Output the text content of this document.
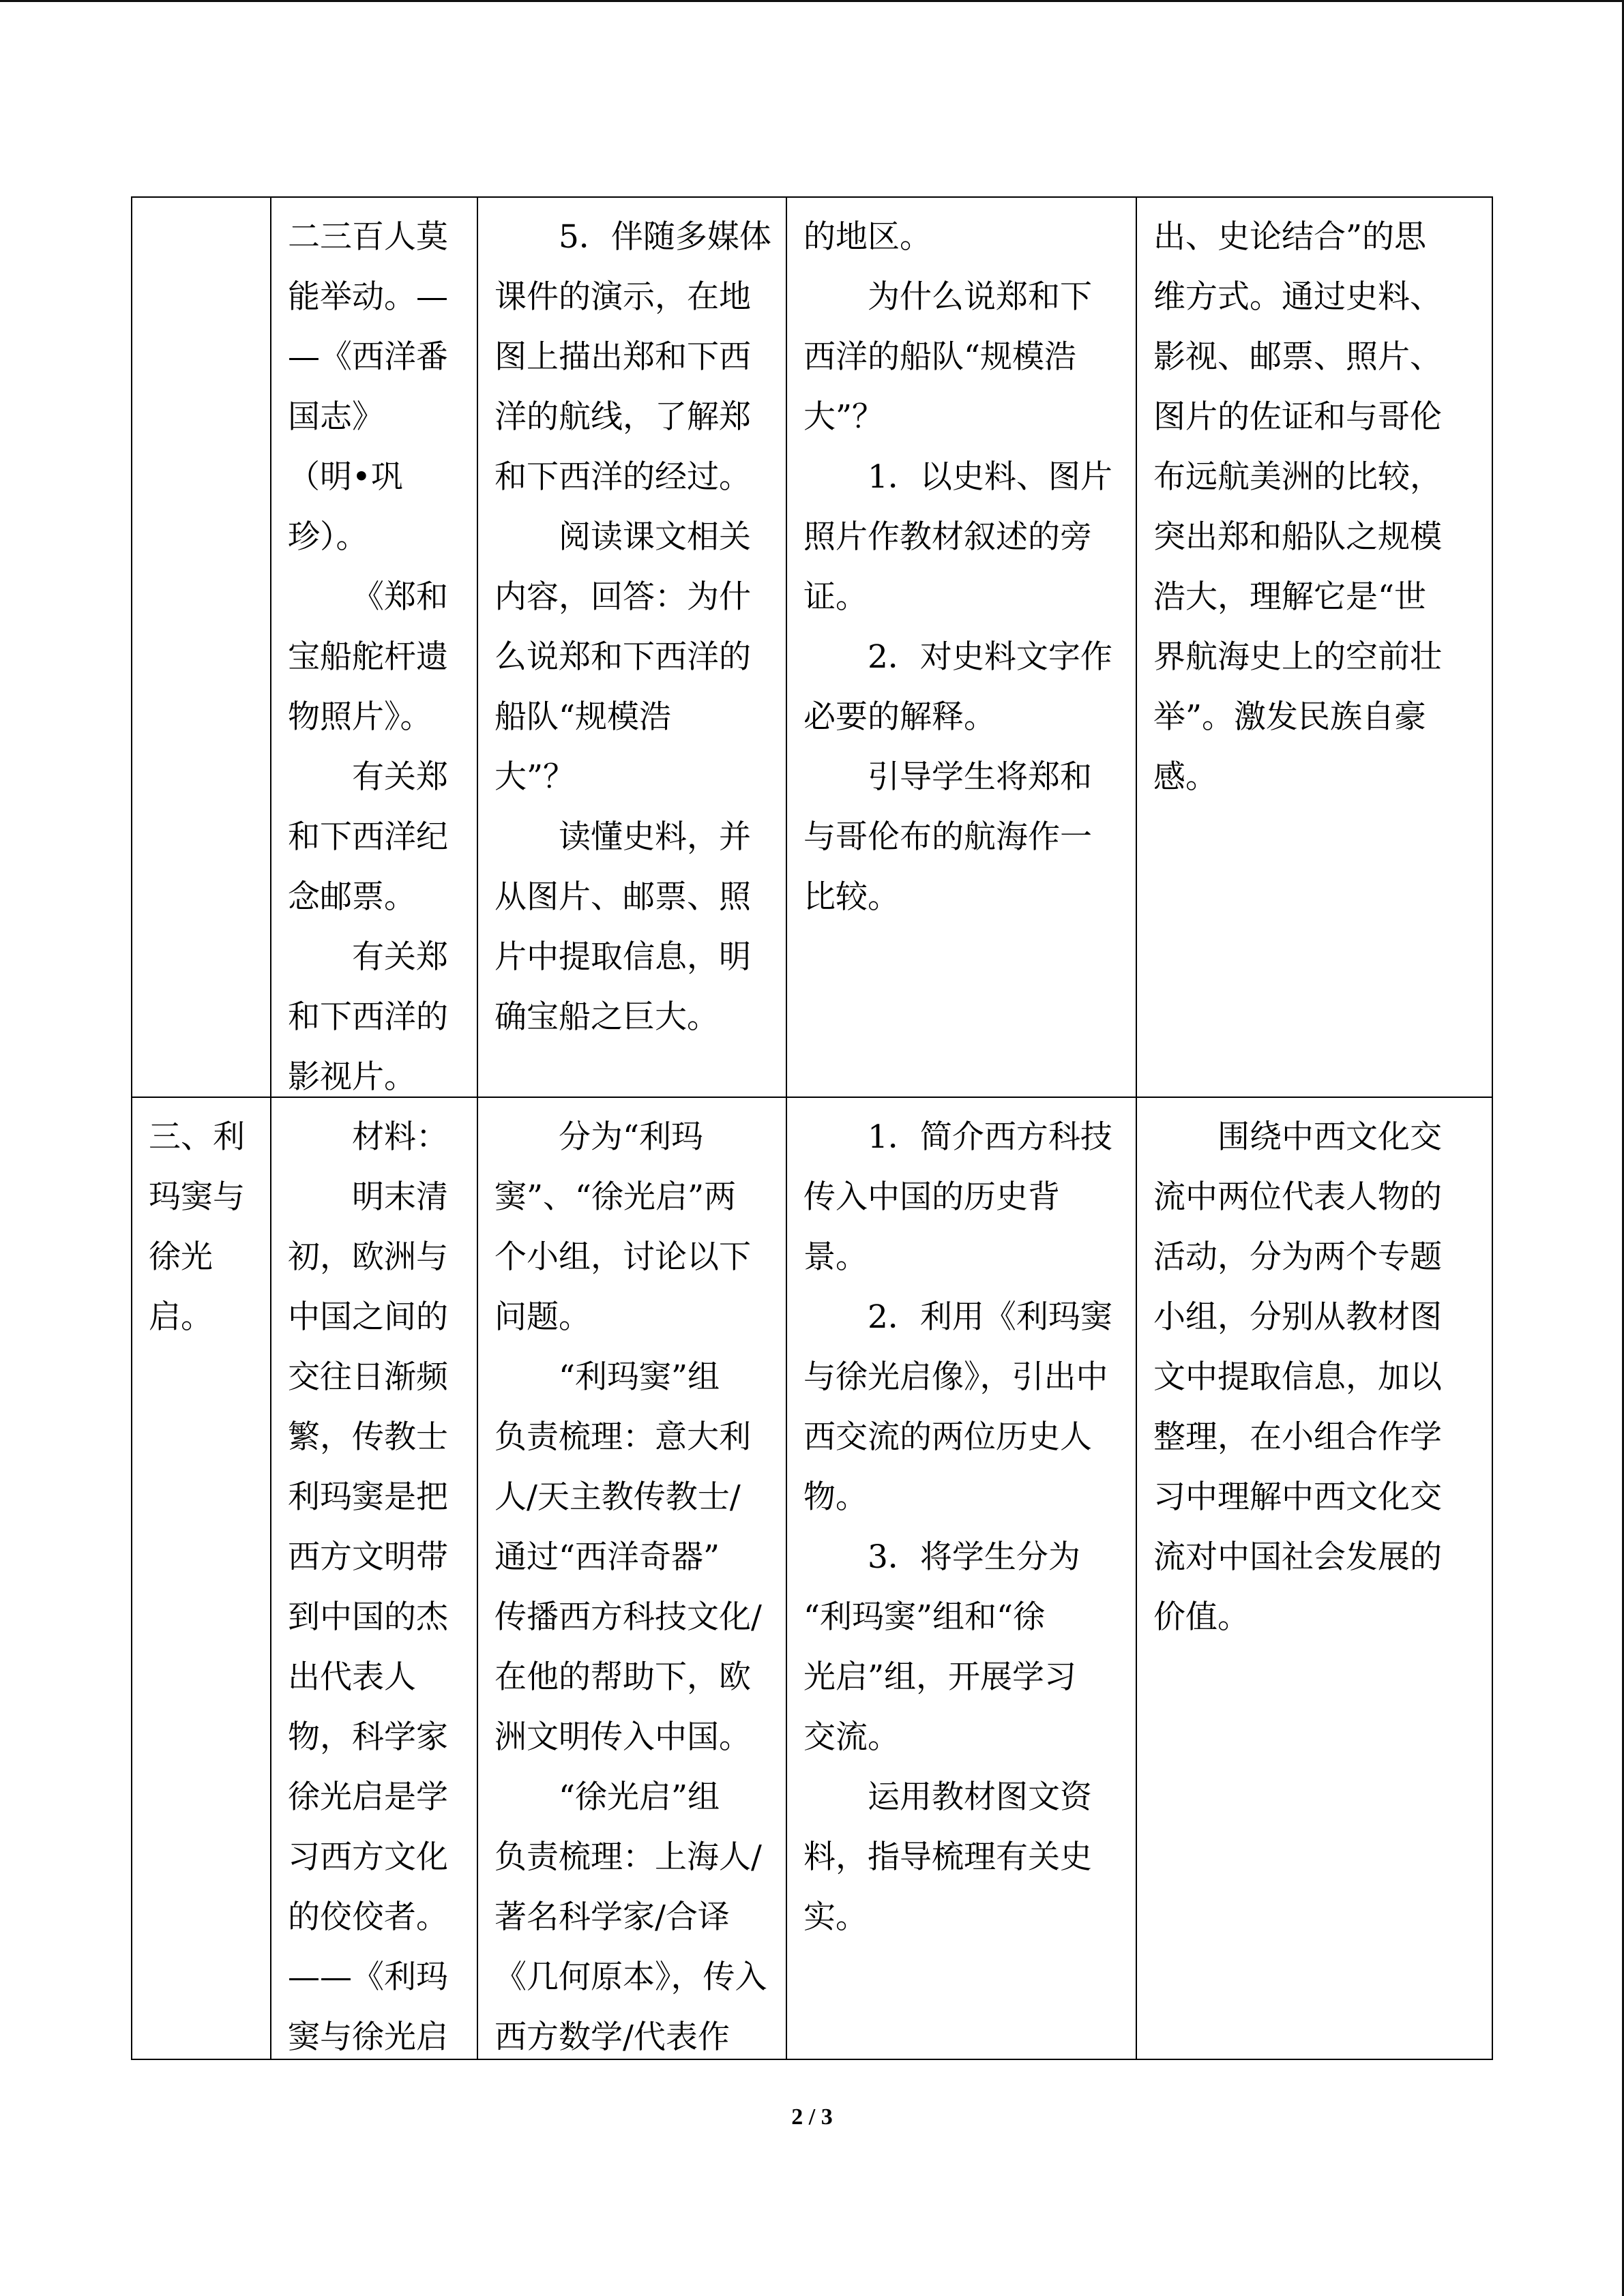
二三百人莫
能举动。—
—《西洋番
国志》
（明•巩
珍）。
《郑和
宝船舵杆遗
物照片》。
有关郑
和下西洋纪
念邮票。
有关郑
和下西洋的
影视片。
5．伴随多媒体
课件的演示，在地
图上描出郑和下西
洋的航线，了解郑
和下西洋的经过。
阅读课文相关
内容，回答：为什
么说郑和下西洋的
船队“规模浩
大”？
读懂史料，并
从图片、邮票、照
片中提取信息，明
确宝船之巨大。
的地区。
为什么说郑和下
西洋的船队“规模浩
大”？
1．以史料、图片
照片作教材叙述的旁
证。
2．对史料文字作
必要的解释。
引导学生将郑和
与哥伦布的航海作一
比较。
出、史论结合”的思
维方式。通过史料、
影视、邮票、照片、
图片的佐证和与哥伦
布远航美洲的比较，
突出郑和船队之规模
浩大，理解它是“世
界航海史上的空前壮
举”。激发民族自豪
感。
三、利
玛窦与
徐光
启。
材料：
明末清
初，欧洲与
中国之间的
交往日渐频
繁，传教士
利玛窦是把
西方文明带
到中国的杰
出代表人
物，科学家
徐光启是学
习西方文化
的佼佼者。
——《利玛
窦与徐光启
分为“利玛
窦”、“徐光启”两
个小组，讨论以下
问题。
“利玛窦”组
负责梳理：意大利
人/天主教传教士/
通过“西洋奇器”
传播西方科技文化/
在他的帮助下，欧
洲文明传入中国。
“徐光启”组
负责梳理：上海人/
著名科学家/合译
《几何原本》，传入
西方数学/代表作
1．简介西方科技
传入中国的历史背
景。
2．利用《利玛窦
与徐光启像》，引出中
西交流的两位历史人
物。
3．将学生分为
“利玛窦”组和“徐
光启”组，开展学习
交流。
运用教材图文资
料，指导梳理有关史
实。
围绕中西文化交
流中两位代表人物的
活动，分为两个专题
小组，分别从教材图
文中提取信息，加以
整理，在小组合作学
习中理解中西文化交
流对中国社会发展的
价值。
2 / 3
